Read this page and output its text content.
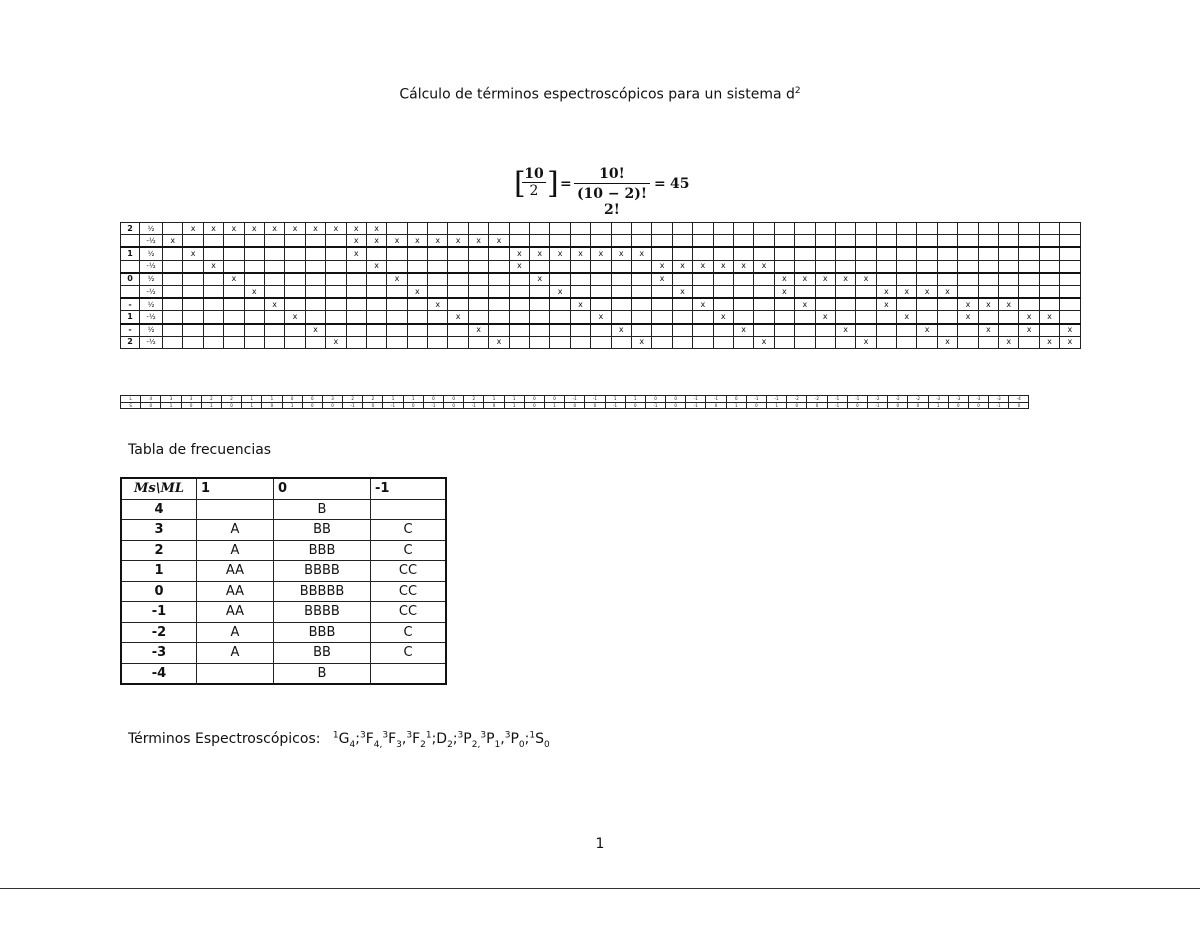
Cálculo de términos espectroscópicos para un sistema $d^2$
[
$\frac{10}{2}$ ] = $\frac{10!}{(10 - 2)! 2!} = 45$
2	½		x	x	x	x	x	x	x	x	x	x																																		
	-½	x									x	x	x	x	x	x	x	x																												
1	½		x								x								x	x	x	x	x	x	x																					
	-½			x								x							x							x	x	x	x	x	x															
0	½				x								x							x						x						x	x	x	x	x										
	-½					x								x							x						x					x					x	x	x	x						
-	½						x								x							x						x					x				x				x	x	x			
1	-½							x								x							x						x					x				x			x			x	x	
-	½								x								x							x						x					x				x			x		x		x
2	-½									x								x							x						x					x				x			x		x	x
L	4	3	3	2	2	1	1	0	0	3	2	2	1	1	0	0	2	1	1	0	0	-1	-1	1	1	0	0	-1	-1	0	-1	-1	-2	-2	-1	-1	-2	-2	-2	-3	-3	-3	-3	-4
S	0	1	0	1	0	1	0	1	0	0	-1	0	-1	0	-1	0	-1	0	1	0	1	0	0	-1	0	-1	0	-1	0	1	0	1	0	0	-1	0	-1	0	0	1	0	0	-1	0
Tabla de frecuencias
Ms\ML	1	0	-1
4		B	
3	A	BB	C
2	A	BBB	C
1	AA	BBBB	CC
0	AA	BBBBB	CC
-1	AA	BBBB	CC
-2	A	BBB	C
-3	A	BB	C
-4		B	
Términos Espectroscópicos: $^1G_4;^3F_{4,}^3F_3,^3F_2^1;D_2;^3P_{2,}^3P_1,^3P_0;^1S_0$
1
